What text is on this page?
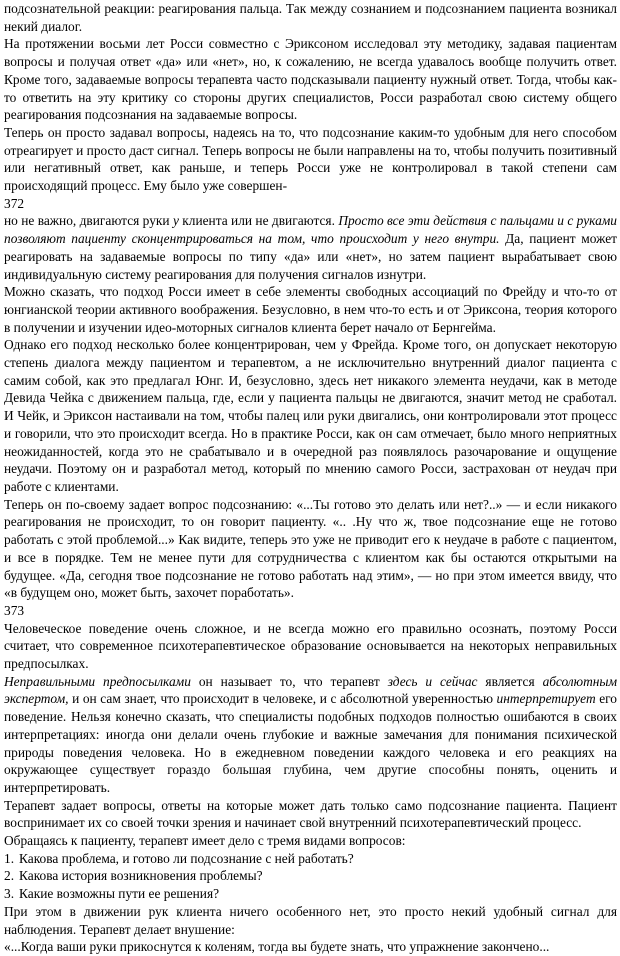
подсознательной реакции: реагирования пальца. Так между сознанием и подсознанием пациента возникал некий диалог.

На протяжении восьми лет Росси совместно с Эриксоном исследовал эту методику, задавая пациентам вопросы и получая ответ «да» или «нет», но, к сожалению, не всегда удавалось вообще получить ответ. Кроме того, задаваемые вопросы терапевта часто подсказывали пациенту нужный ответ. Тогда, чтобы как-то ответить на эту критику со стороны других специалистов, Росси разработал свою систему общего реагирования подсознания на задаваемые вопросы.

Теперь он просто задавал вопросы, надеясь на то, что подсознание каким-то удобным для него способом отреагирует и просто даст сигнал. Теперь вопросы не были направлены на то, чтобы получить позитивный или негативный ответ, как раньше, и теперь Росси уже не контролировал в такой степени сам происходящий процесс. Ему было уже совершен-

372

но не важно, двигаются руки у клиента или не двигаются. Просто все эти действия с пальцами и с руками позволяют пациенту сконцентрироваться на том, что происходит у него внутри. Да, пациент может реагировать на задаваемые вопросы по типу «да» или «нет», но затем пациент вырабатывает свою индивидуальную систему реагирования для получения сигналов изнутри.

Можно сказать, что подход Росси имеет в себе элементы свободных ассоциаций по Фрейду и что-то от юнгианской теории активного воображения. Безусловно, в нем что-то есть и от Эриксона, теория которого в получении и изучении идео-моторных сигналов клиента берет начало от Бернгейма.

Однако его подход несколько более концентрирован, чем у Фрейда. Кроме того, он допускает некоторую степень диалога между пациентом и терапевтом, а не исключительно внутренний диалог пациента с самим собой, как это предлагал Юнг. И, безусловно, здесь нет никакого элемента неудачи, как в методе Девида Чейка с движением пальца, где, если у пациента пальцы не двигаются, значит метод не сработал. И Чейк, и Эриксон настаивали на том, чтобы палец или руки двигались, они контролировали этот процесс и говорили, что это происходит всегда. Но в практике Росси, как он сам отмечает, было много неприятных неожиданностей, когда это не срабатывало и в очередной раз появлялось разочарование и ощущение неудачи. Поэтому он и разработал метод, который по мнению самого Росси, застрахован от неудач при работе с клиентами.

Теперь он по-своему задает вопрос подсознанию: «...Ты готово это делать или нет?..» — и если никакого реагирования не происходит, то он говорит пациенту. «.. .Ну что ж, твое подсознание еще не готово работать с этой проблемой...» Как видите, теперь это уже не приводит его к неудаче в работе с пациентом, и все в порядке. Тем не менее пути для сотрудничества с клиентом как бы остаются открытыми на будущее. «Да, сегодня твое подсознание не готово работать над этим», — но при этом имеется ввиду, что «в будущем оно, может быть, захочет поработать».

373

Человеческое поведение очень сложное, и не всегда можно его правильно осознать, поэтому Росси считает, что современное психотерапевтическое образование основывается на некоторых неправильных предпосылках.

Неправильными предпосылками он называет то, что терапевт здесь и сейчас является абсолютным экспертом, и он сам знает, что происходит в человеке, и с абсолютной уверенностью интерпретирует его поведение. Нельзя конечно сказать, что специалисты подобных подходов полностью ошибаются в своих интерпретациях: иногда они делали очень глубокие и важные замечания для понимания психической природы поведения человека. Но в ежедневном поведении каждого человека и его реакциях на окружающее существует гораздо большая глубина, чем другие способны понять, оценить и интерпретировать.

Терапевт задает вопросы, ответы на которые может дать только само подсознание пациента. Пациент воспринимает их со своей точки зрения и начинает свой внутренний психотерапевтический процесс.

Обращаясь к пациенту, терапевт имеет дело с тремя видами вопросов:

1. Какова проблема, и готово ли подсознание с ней работать?
2. Какова история возникновения проблемы?
3. Какие возможны пути ее решения?

При этом в движении рук клиента ничего особенного нет, это просто некий удобный сигнал для наблюдения. Терапевт делает внушение:

«...Когда ваши руки прикоснутся к коленям, тогда вы будете знать, что упражнение закончено...
